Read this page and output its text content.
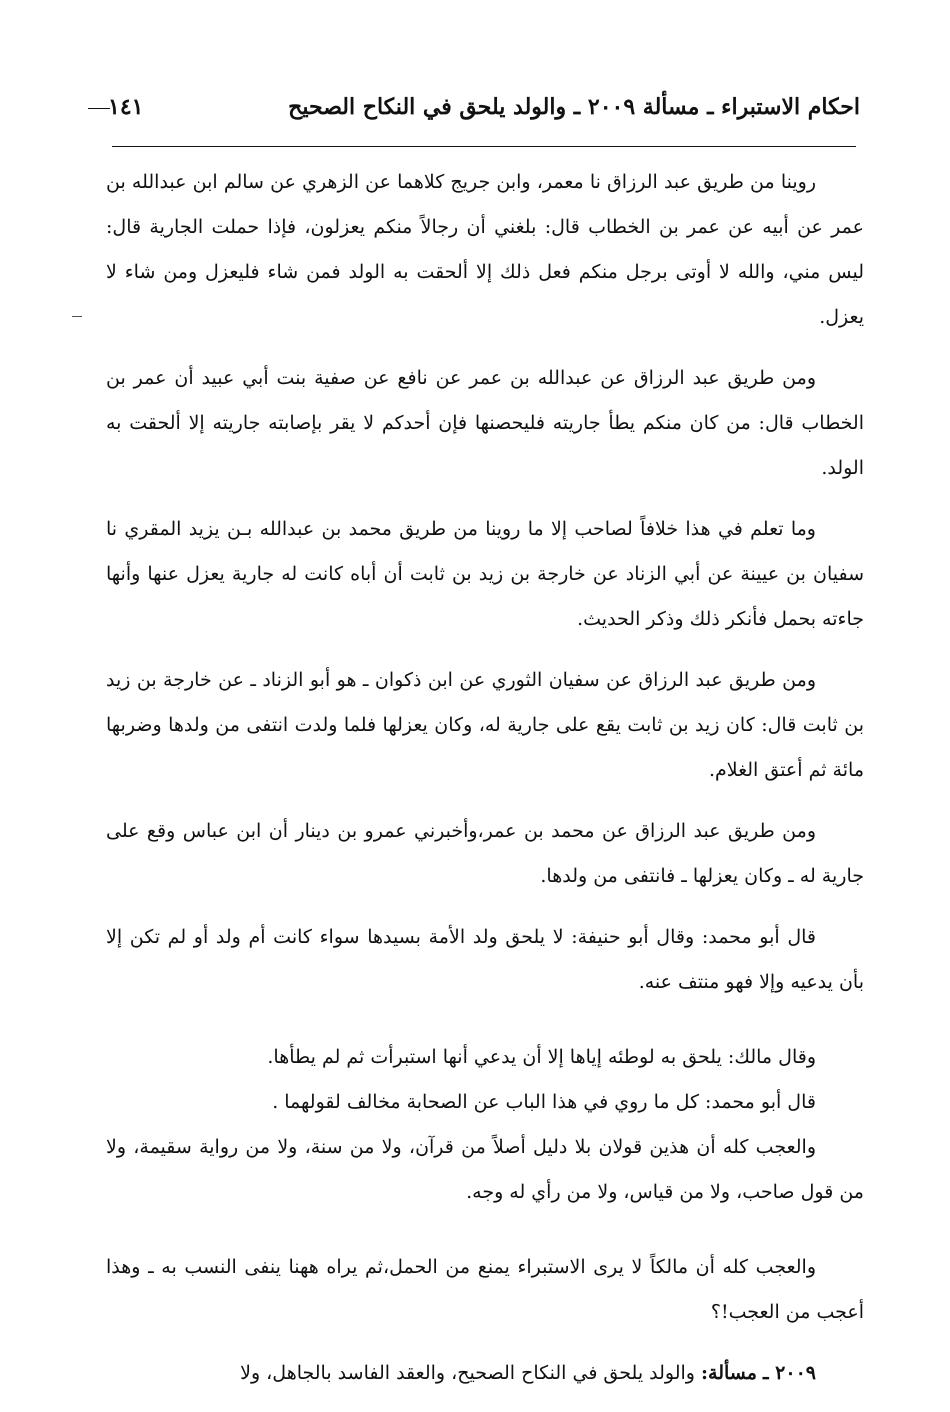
احكام الاستبراء ـ مسألة ٢٠٠٩ ـ والولد يلحق في النكاح الصحيح
١٤١

روينا من طريق عبد الرزاق نا معمر، وابن جريج كلاهما عن الزهري عن سالم ابن عبدالله بن عمر عن أبيه عن عمر بن الخطاب قال: بلغني أن رجالاً منكم يعزلون، فإذا حملت الجارية قال: ليس مني، والله لا أوتى برجل منكم فعل ذلك إلا ألحقت به الولد فمن شاء فليعزل ومن شاء لا يعزل.

ومن طريق عبد الرزاق عن عبدالله بن عمر عن نافع عن صفية بنت أبي عبيد أن عمر بن الخطاب قال: من كان منكم يطأ جاريته فليحصنها فإن أحدكم لا يقر بإصابته جاريته إلا ألحقت به الولد.

وما تعلم في هذا خلافاً لصاحب إلا ما روينا من طريق محمد بن عبدالله بـن يزيد المقري نا سفيان بن عيينة عن أبي الزناد عن خارجة بن زيد بن ثابت أن أباه كانت له جارية يعزل عنها وأنها جاءته بحمل فأنكر ذلك وذكر الحديث.

ومن طريق عبد الرزاق عن سفيان الثوري عن ابن ذكوان ـ هو أبو الزناد ـ عن خارجة بن زيد بن ثابت قال: كان زيد بن ثابت يقع على جارية له، وكان يعزلها فلما ولدت انتفى من ولدها وضربها مائة ثم أعتق الغلام.

ومن طريق عبد الرزاق عن محمد بن عمر،وأخبرني عمرو بن دينار أن ابن عباس وقع على جارية له ـ وكان يعزلها ـ فانتفى من ولدها.

قال أبو محمد: وقال أبو حنيفة: لا يلحق ولد الأمة بسيدها سواء كانت أم ولد أو لم تكن إلا بأن يدعيه وإلا فهو منتف عنه.

وقال مالك: يلحق به لوطئه إياها إلا أن يدعي أنها استبرأت ثم لم يطأها.

قال أبو محمد: كل ما روي في هذا الباب عن الصحابة مخالف لقولهما .

والعجب كله أن هذين قولان بلا دليل أصلاً من قرآن، ولا من سنة، ولا من رواية سقيمة، ولا من قول صاحب، ولا من قياس، ولا من رأي له وجه.

والعجب كله أن مالكاً لا يرى الاستبراء يمنع من الحمل،ثم يراه ههنا ينفى النسب به ـ وهذا أعجب من العجب!؟

٢٠٠٩ ـ مسألة: والولد يلحق في النكاح الصحيح، والعقد الفاسد بالجاهل، ولا
